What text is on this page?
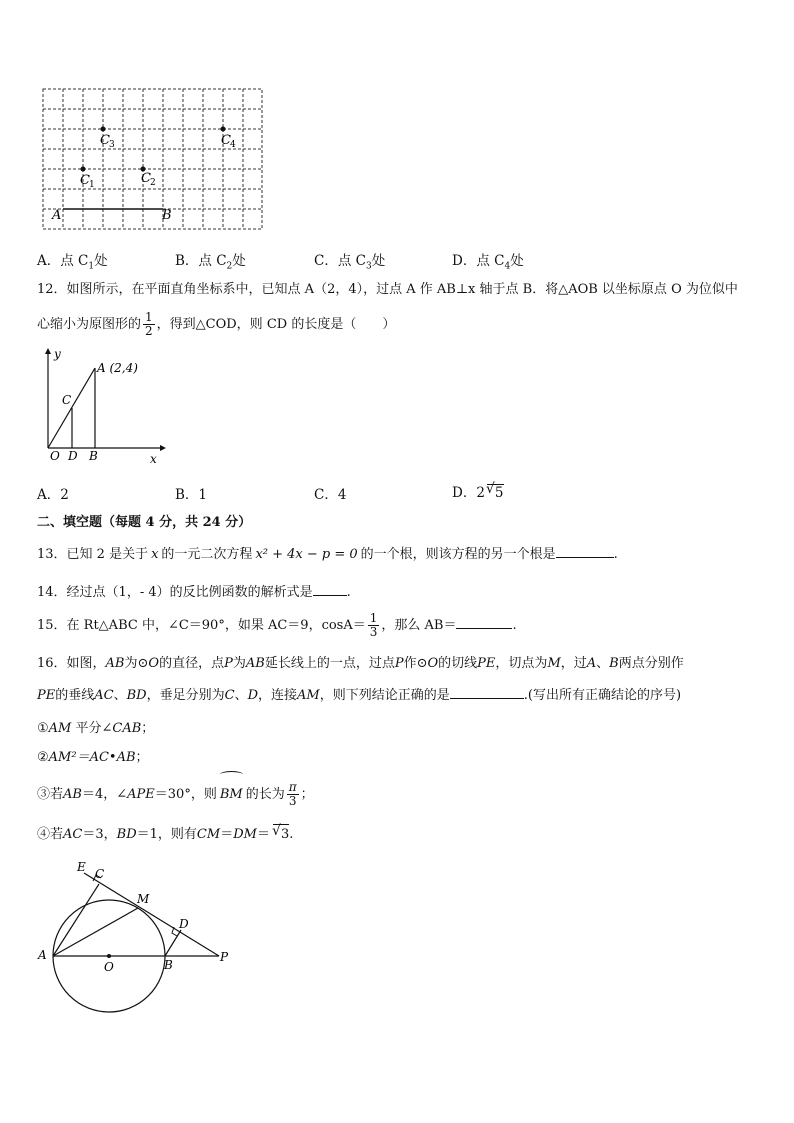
C 1	C 2
C 3	C 4
A	B
A．点 $C_1$处	B．点 $C_2$处	C．点 $C_3$处	D．点 $C_4$处
12．如图所示，在平面直角坐标系中，已知点 A（2，4），过点 A 作 AB⊥x 轴于点 B．将△AOB 以坐标原点 O 为位似中
心缩小为原图形的 $\frac{1}{2}$ ，得到△COD，则 CD 的长度是（　　）
y
x
A (2,4)
C
O D B
A．2	B．1	C．4	D．2 √ 5
二、填空题（每题 4 分，共 24 分）
13．已知 2 是关于 x 的一元二次方程 x² + 4x − p = 0 的一个根，则该方程的另一个根是	.
14．经过点（1，- 4）的反比例函数的解析式是	.
15．在 Rt△ABC 中，∠C＝90°，如果 AC＝9，$\cos A= \frac{1}{3}$ ，那么 AB＝	.
16．如图，AB为⊙O的直径，点P为AB延长线上的一点，过点P作⊙O的切线PE，切点为M，过A、B两点分别作
PE的垂线AC、BD，垂足分别为C、D，连接AM，则下列结论正确的是	.(写出所有正确结论的序号)
①AM 平分∠CAB；
②AM²＝AC•AB；
③若AB＝4，∠APE＝30°，则 BM 的长为 $\frac{\pi}{3}$ ；
④若AC＝3，BD＝1，则有CM＝DM＝ √ 3.
E C
M
D
A
O	B
P
